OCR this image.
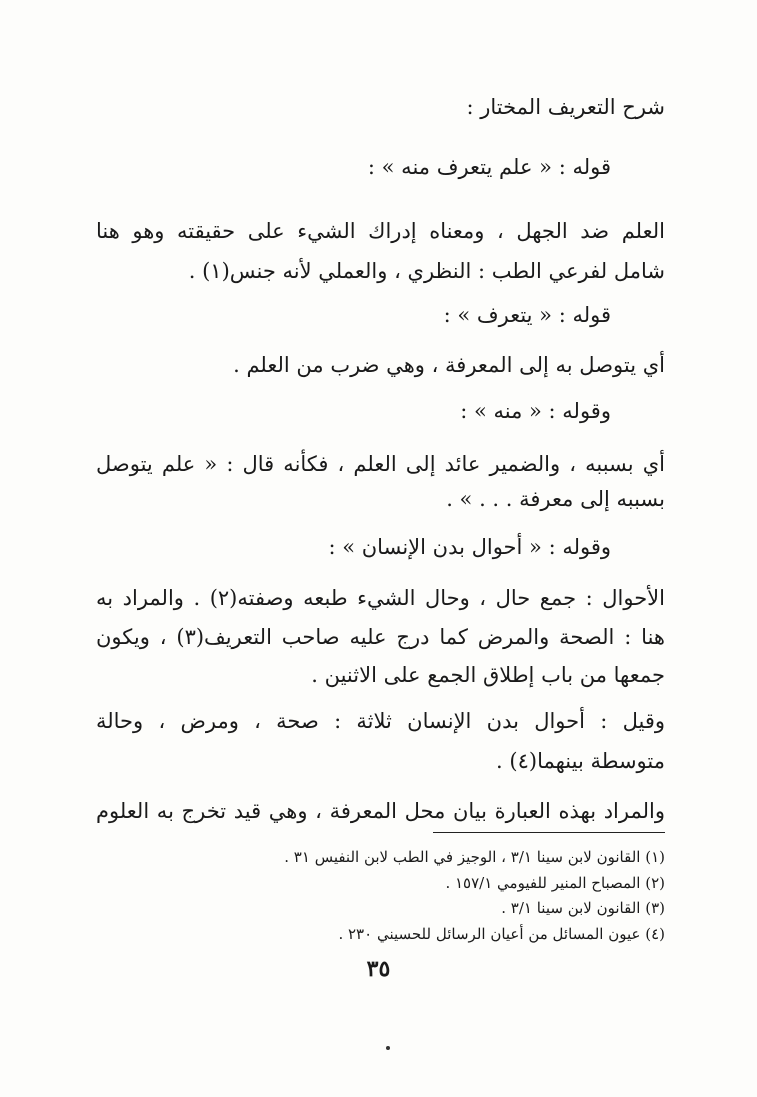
شرح التعريف المختار :
قوله : « علم يتعرف منه » :
العلم ضد الجهل ، ومعناه إدراك الشيء على حقيقته وهو هنا
شامل لفرعي الطب : النظري ، والعملي لأنه جنس(١) .
قوله : « يتعرف » :
أي يتوصل به إلى المعرفة ، وهي ضرب من العلم .
وقوله : « منه » :
أي بسببه ، والضمير عائد إلى العلم ، فكأنه قال : « علم يتوصل
بسببه إلى معرفة . . . » .
وقوله : « أحوال بدن الإنسان » :
الأحوال : جمع حال ، وحال الشيء طبعه وصفته(٢) . والمراد به
هنا : الصحة والمرض كما درج عليه صاحب التعريف(٣) ، ويكون
جمعها من باب إطلاق الجمع على الاثنين .
وقيل : أحوال بدن الإنسان ثلاثة : صحة ، ومرض ، وحالة
متوسطة بينهما(٤) .
والمراد بهذه العبارة بيان محل المعرفة ، وهي قيد تخرج به العلوم
(١) القانون لابن سينا ٣/١ ، الوجيز في الطب لابن النفيس ٣١ .
(٢) المصباح المنير للفيومي ١٥٧/١ .
(٣) القانون لابن سينا ٣/١ .
(٤) عيون المسائل من أعيان الرسائل للحسيني ٢٣٠ .
٣٥
